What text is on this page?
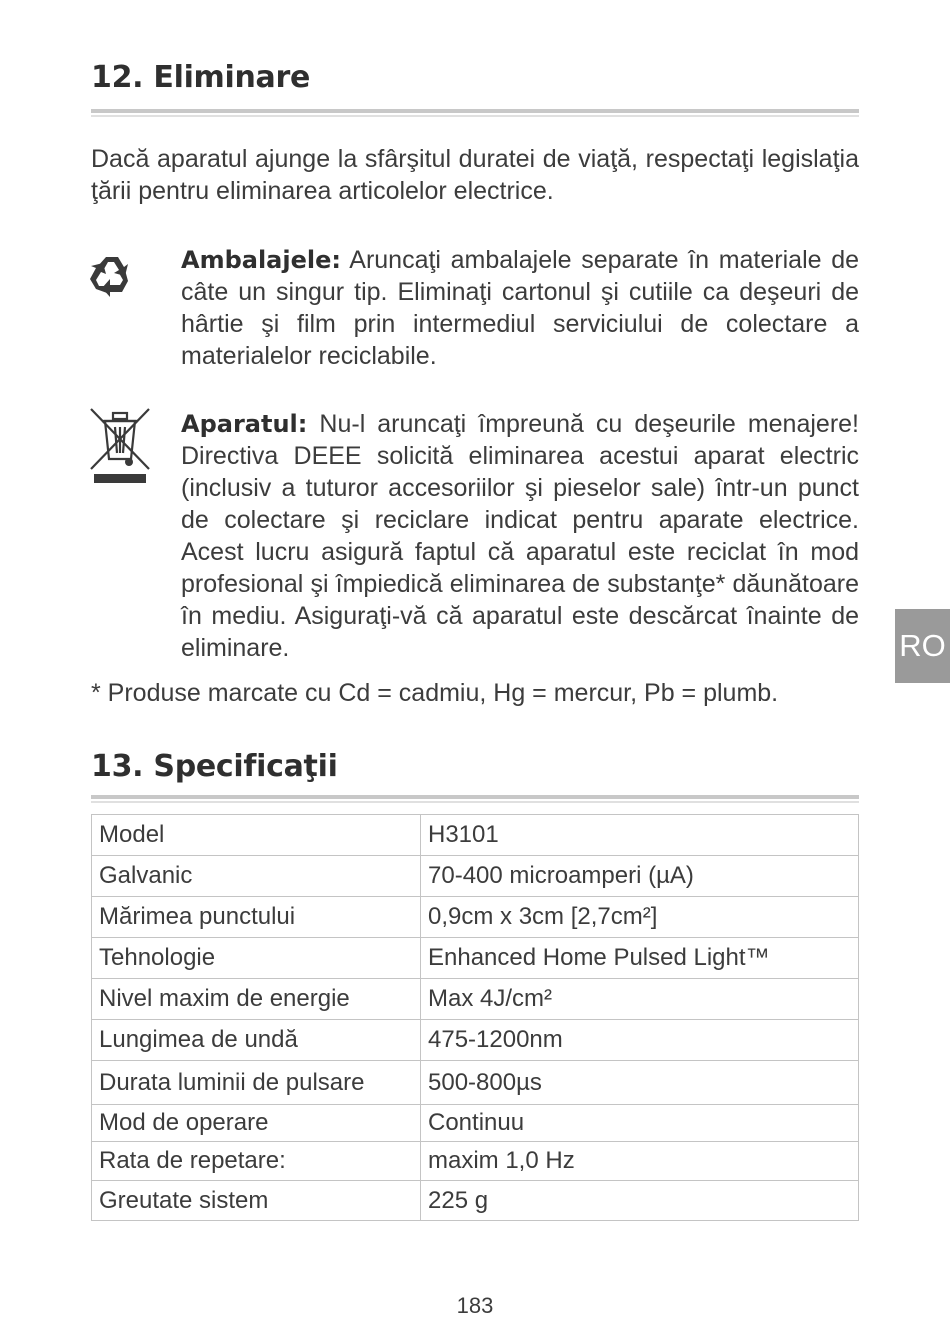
12. Eliminare

Dacă aparatul ajunge la sfârşitul duratei de viaţă, respectaţi legislaţia ţării pentru eliminarea articolelor electrice.

Ambalajele: Aruncaţi ambalajele separate în materiale de câte un singur tip. Eliminaţi cartonul şi cutiile ca deşeuri de hârtie şi film prin intermediul serviciului de colectare a materialelor reciclabile.

Aparatul: Nu-l aruncaţi împreună cu deşeurile menajere! Directiva DEEE solicită eliminarea acestui aparat electric (inclusiv a tuturor accesoriilor şi pieselor sale) într-un punct de colectare şi reciclare indicat pentru aparate electrice. Acest lucru asigură faptul că aparatul este reciclat în mod profesional şi împiedică eliminarea de substanţe* dăunătoare în mediu. Asiguraţi-vă că aparatul este descărcat înainte de eliminare.

* Produse marcate cu Cd = cadmiu, Hg = mercur, Pb = plumb.

RO
13. Specificaţii
Model	H3101
Galvanic	70-400 microamperi (µA)
Mărimea punctului	0,9cm x 3cm [2,7cm²]
Tehnologie	Enhanced Home Pulsed Light™
Nivel maxim de energie	Max 4J/cm²
Lungimea de undă	475-1200nm
Durata luminii de pulsare	500-800µs
Mod de operare	Continuu
Rata de repetare:	maxim 1,0 Hz
Greutate sistem	225 g
183
